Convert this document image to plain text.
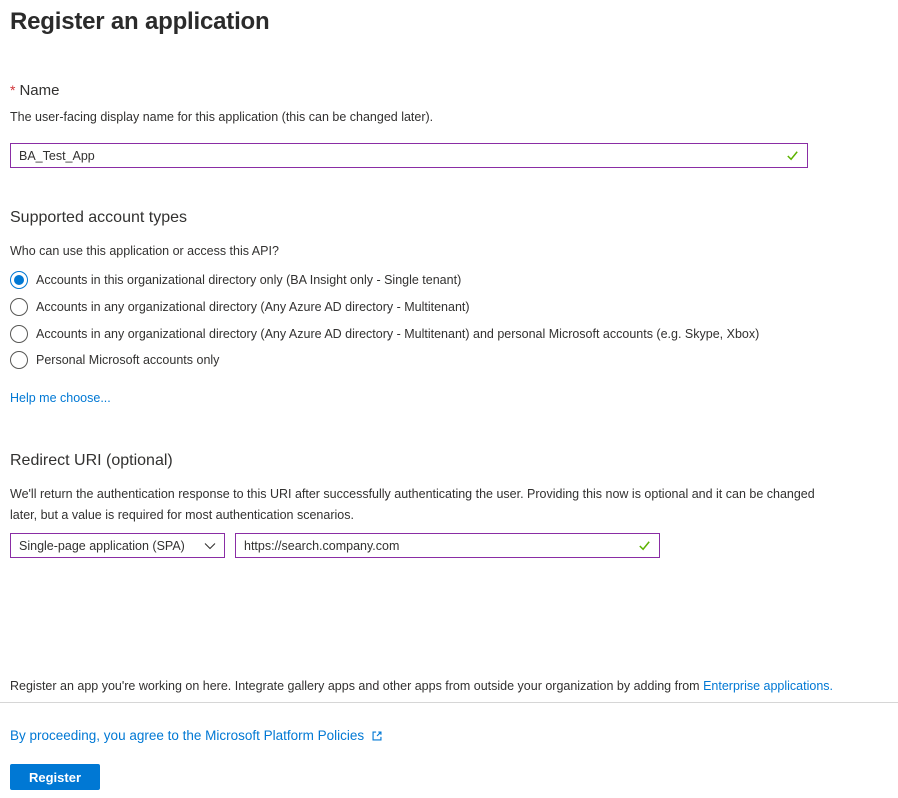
Register an application
* Name
The user-facing display name for this application (this can be changed later).
BA_Test_App
Supported account types
Who can use this application or access this API?
Accounts in this organizational directory only (BA Insight only - Single tenant)
Accounts in any organizational directory (Any Azure AD directory - Multitenant)
Accounts in any organizational directory (Any Azure AD directory - Multitenant) and personal Microsoft accounts (e.g. Skype, Xbox)
Personal Microsoft accounts only
Help me choose...
Redirect URI (optional)
We'll return the authentication response to this URI after successfully authenticating the user. Providing this now is optional and it can be changed later, but a value is required for most authentication scenarios.
Single-page application (SPA)
https://search.company.com
Register an app you're working on here. Integrate gallery apps and other apps from outside your organization by adding from Enterprise applications.
By proceeding, you agree to the Microsoft Platform Policies
Register
